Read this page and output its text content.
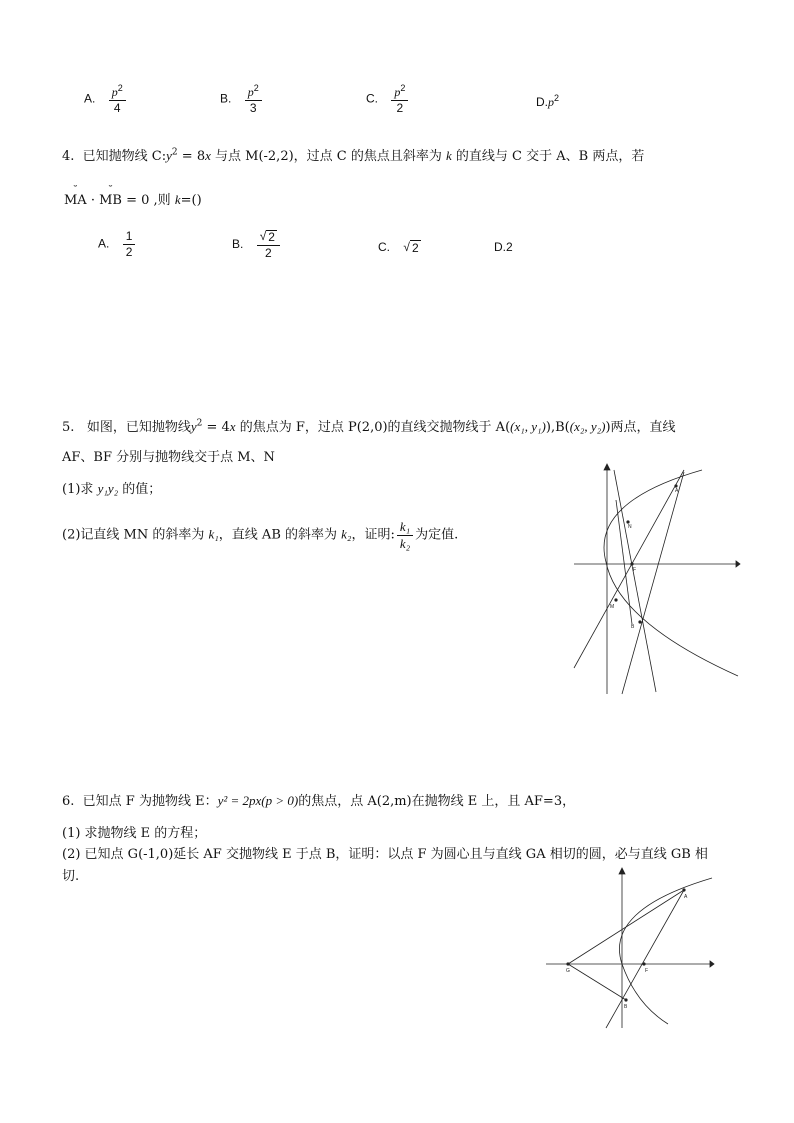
A. $\frac{p^2}{4}$	B. $\frac{p^2}{3}$	C. $\frac{p^2}{2}$	$D.p^2$
4. 已知抛物线 $C:y^2 = 8x$ 与点 M(-2,2)，过点 C 的焦点且斜率为 k 的直线与 C 交于 A、B 两点，若
˘ MA · ˘ MB = 0 ,则 k=()
A. $\frac{1}{2}$	B. $\frac{√ 2}{2}$	C. √ 2	D.2
5. 如图，已知抛物线$y^2 = 4x$ 的焦点为 F，过点 P(2,0)的直线交抛物线于 A((x₁, y₁)),B((x₂, y₂))两点，直线
AF、BF 分别与抛物线交于点 M、N
(1)求 y₁y₂ 的值；
(2)记直线 MN 的斜率为 k₁，直线 AB 的斜率为 k₂，证明: $\frac{\text{k₁}}{\text{k₂}}$ 为定值.
A
N
F
M
B
6. 已知点 F 为抛物线 E：y² = 2px(p > 0)的焦点，点 A(2,m)在抛物线 E 上，且 AF=3，
(1) 求抛物线 E 的方程；
(2) 已知点 G(-1,0)延长 AF 交抛物线 E 于点 B，证明：以点 F 为圆心且与直线 GA 相切的圆，必与直线 GB 相
切.
A
G	F
B
